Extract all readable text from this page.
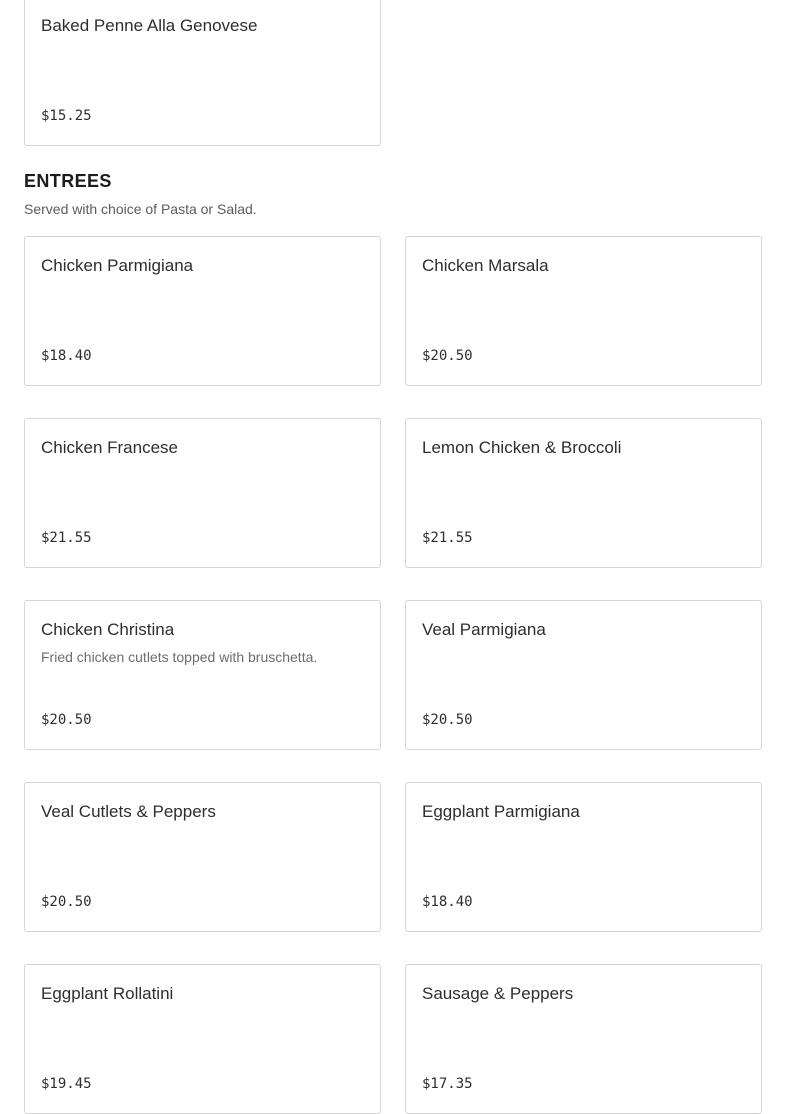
Baked Penne Alla Genovese
$15.25
ENTREES
Served with choice of Pasta or Salad.
Chicken Parmigiana
$18.40
Chicken Marsala
$20.50
Chicken Francese
$21.55
Lemon Chicken & Broccoli
$21.55
Chicken Christina
Fried chicken cutlets topped with bruschetta.
$20.50
Veal Parmigiana
$20.50
Veal Cutlets & Peppers
$20.50
Eggplant Parmigiana
$18.40
Eggplant Rollatini
$19.45
Sausage & Peppers
$17.35
